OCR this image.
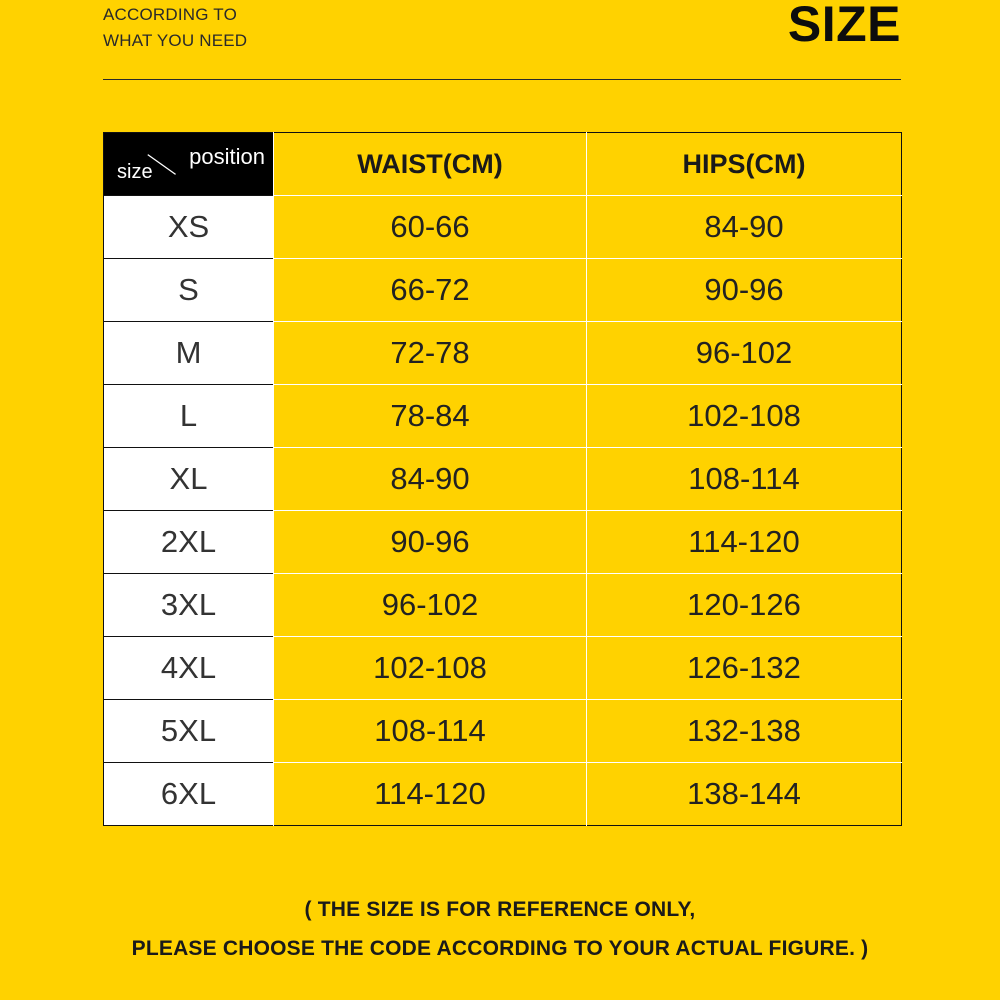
ACCORDING TO
WHAT YOU NEED	SIZE
size
position	WAIST(CM)	HIPS(CM)
XS	60-66	84-90
S	66-72	90-96
M	72-78	96-102
L	78-84	102-108
XL	84-90	108-114
2XL	90-96	114-120
3XL	96-102	120-126
4XL	102-108	126-132
5XL	108-114	132-138
6XL	114-120	138-144
( THE SIZE IS FOR REFERENCE ONLY,
PLEASE CHOOSE THE CODE ACCORDING TO YOUR ACTUAL FIGURE. )
